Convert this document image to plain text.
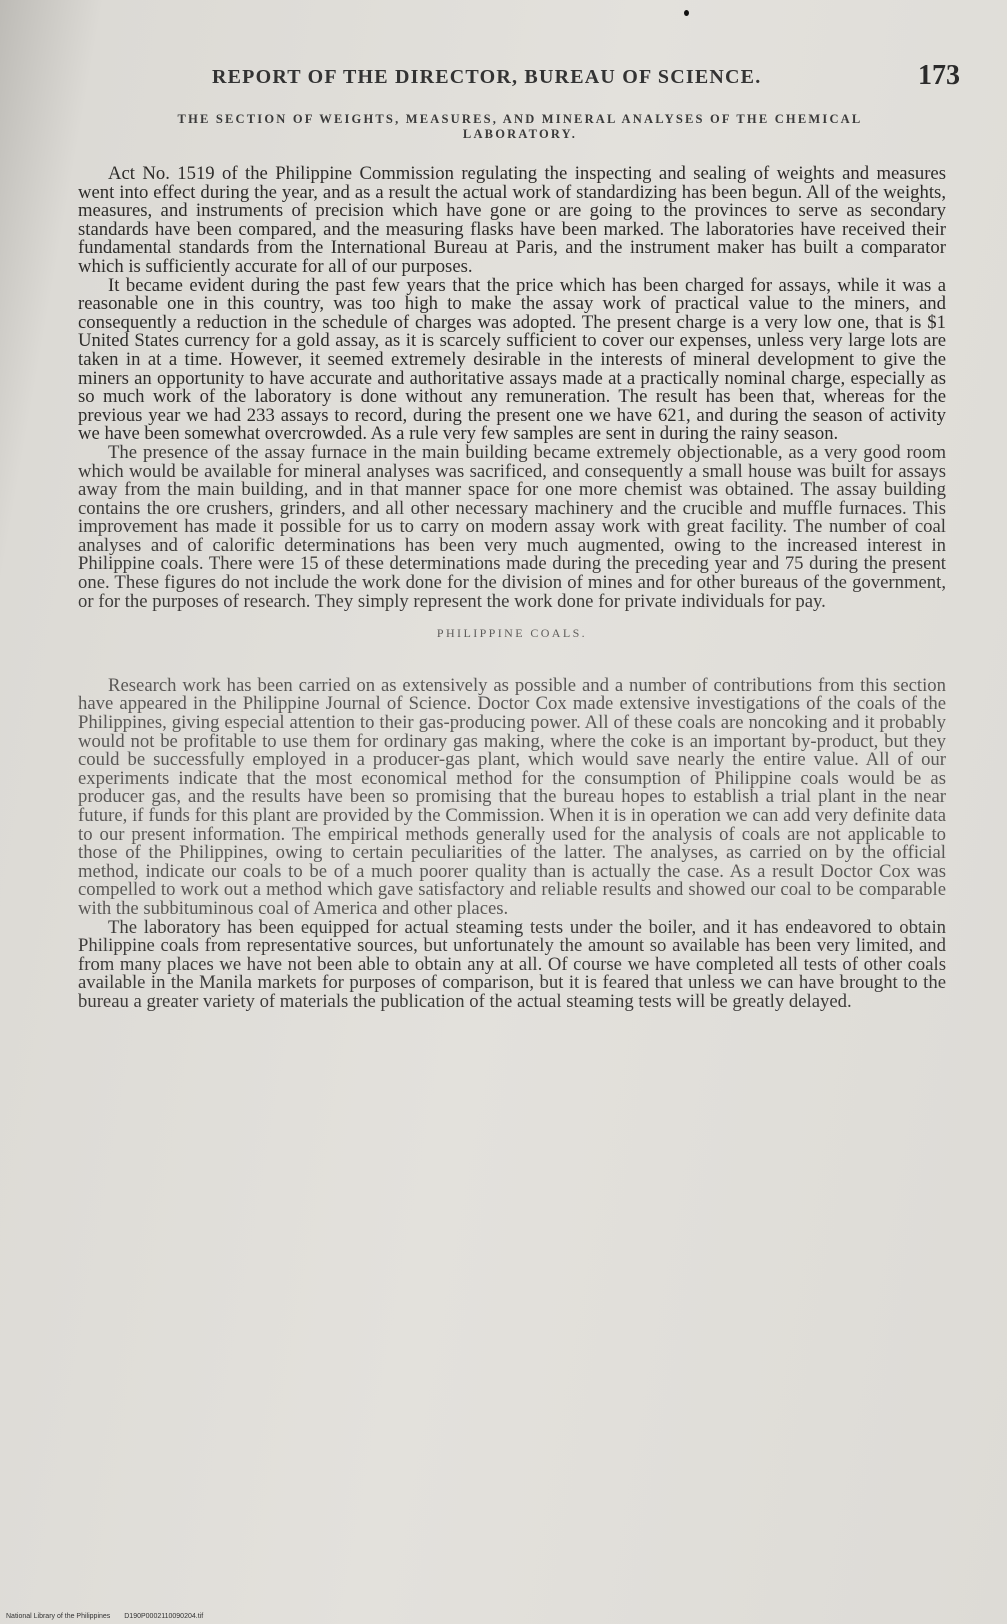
REPORT OF THE DIRECTOR, BUREAU OF SCIENCE.	173
THE SECTION OF WEIGHTS, MEASURES, AND MINERAL ANALYSES OF THE CHEMICAL
LABORATORY.

Act No. 1519 of the Philippine Commission regulating the inspecting and sealing of weights and measures went into effect during the year, and as a result the actual work of standardizing has been begun. All of the weights, measures, and instruments of precision which have gone or are going to the provinces to serve as secondary standards have been compared, and the measuring flasks have been marked. The laboratories have received their fundamental standards from the International Bureau at Paris, and the instrument maker has built a comparator which is sufficiently accurate for all of our purposes.

It became evident during the past few years that the price which has been charged for assays, while it was a reasonable one in this country, was too high to make the assay work of practical value to the miners, and consequently a reduction in the schedule of charges was adopted. The present charge is a very low one, that is $1 United States currency for a gold assay, as it is scarcely sufficient to cover our expenses, unless very large lots are taken in at a time. However, it seemed extremely desirable in the interests of mineral development to give the miners an opportunity to have accurate and authoritative assays made at a practically nominal charge, especially as so much work of the laboratory is done without any remuneration. The result has been that, whereas for the previous year we had 233 assays to record, during the present one we have 621, and during the season of activity we have been somewhat overcrowded. As a rule very few samples are sent in during the rainy season.

The presence of the assay furnace in the main building became extremely objectionable, as a very good room which would be available for mineral analyses was sacrificed, and consequently a small house was built for assays away from the main building, and in that manner space for one more chemist was obtained. The assay building contains the ore crushers, grinders, and all other necessary machinery and the crucible and muffle furnaces. This improvement has made it possible for us to carry on modern assay work with great facility. The number of coal analyses and of calorific determinations has been very much augmented, owing to the increased interest in Philippine coals. There were 15 of these determinations made during the preceding year and 75 during the present one. These figures do not include the work done for the division of mines and for other bureaus of the government, or for the purposes of research. They simply represent the work done for private individuals for pay.

PHILIPPINE COALS.

Research work has been carried on as extensively as possible and a number of contributions from this section have appeared in the Philippine Journal of Science. Doctor Cox made extensive investigations of the coals of the Philippines, giving especial attention to their gas-producing power. All of these coals are noncoking and it probably would not be profitable to use them for ordinary gas making, where the coke is an important by-product, but they could be successfully employed in a producer-gas plant, which would save nearly the entire value. All of our experiments indicate that the most economical method for the consumption of Philippine coals would be as producer gas, and the results have been so promising that the bureau hopes to establish a trial plant in the near future, if funds for this plant are provided by the Commission. When it is in operation we can add very definite data to our present information. The empirical methods generally used for the analysis of coals are not applicable to those of the Philippines, owing to certain peculiarities of the latter. The analyses, as carried on by the official method, indicate our coals to be of a much poorer quality than is actually the case. As a result Doctor Cox was compelled to work out a method which gave satisfactory and reliable results and showed our coal to be comparable with the subbituminous coal of America and other places.

The laboratory has been equipped for actual steaming tests under the boiler, and it has endeavored to obtain Philippine coals from representative sources, but unfortunately the amount so available has been very limited, and from many places we have not been able to obtain any at all. Of course we have completed all tests of other coals available in the Manila markets for purposes of comparison, but it is feared that unless we can have brought to the bureau a greater variety of materials the publication of the actual steaming tests will be greatly delayed.

National Library of the Philippines D190P0002110090204.tif
